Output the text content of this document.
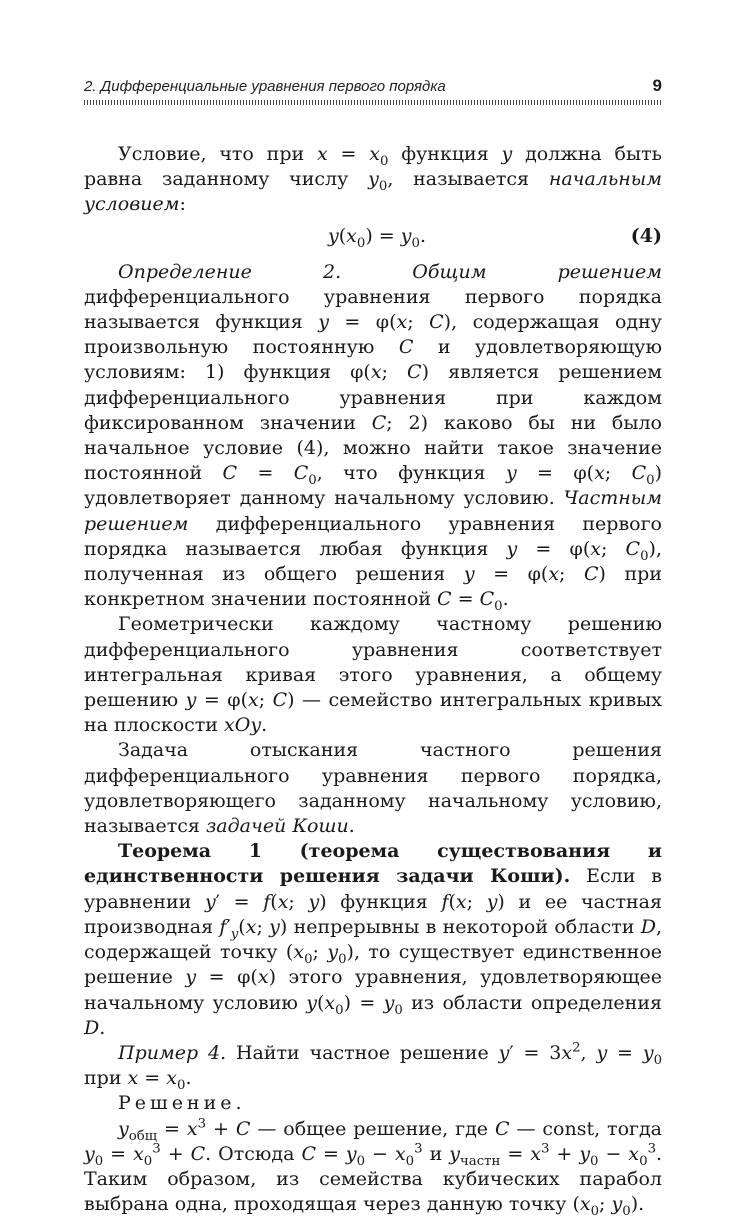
2. Дифференциальные уравнения первого порядка	9

Условие, что при $x = x_0$ функция y должна быть равна заданному числу $y_0$, называется начальным условием:

$y(x_0) = y_0$.	(4)

Определение 2.	Общим решением дифференциального уравнения первого порядка называется функция y = φ(x; C), содержащая одну произвольную постоянную C и удовлетворяющую условиям: 1) функция φ(x; C) является решением дифференциального уравнения при каждом фиксированном значении C; 2) каково бы ни было начальное условие (4), можно найти такое значение постоянной $C = C_0$, что функция y = φ(x; $C_0$) удовлетворяет данному начальному условию. Частным решением дифференциального уравнения первого порядка называется любая функция y = φ(x; $C_0$), полученная из общего решения y = φ(x; C) при конкретном значении постоянной $C = C_0$.

Геометрически каждому частному решению дифференциального уравнения соответствует интегральная кривая этого уравнения, а общему решению y = φ(x; C) — семейство интегральных кривых на плоскости xOy.

Задача отыскания частного решения дифференциального уравнения первого порядка, удовлетворяющего заданному начальному условию, называется задачей Коши.

Теорема 1 (теорема существования и единственности решения задачи Коши). Если в уравнении y′ = f(x; y) функция f(x; y) и ее частная производная $f'_y(x$; y) непрерывны в некоторой области D, содержащей точку ($x_0$; $y_0$), то существует единственное решение y = φ(x) этого уравнения, удовлетворяющее начальному условию $y(x_0) = y_0$ из области определения D.

Пример 4. Найти частное решение $y' = 3x^2$, $y = y_0$ при $x = x_0$.

Решение.

$y_{общ} = x^3 + C$ — общее решение, где C — const, тогда $y_0 = x_0^3 + C$. Отсюда $C = y_0 - x_0^3$ и $y_{частн} = x^3 + y_0 - x_0^3$. Таким образом, из семейства кубических парабол выбрана одна, проходящая через данную точку ($x_0$; $y_0$).
